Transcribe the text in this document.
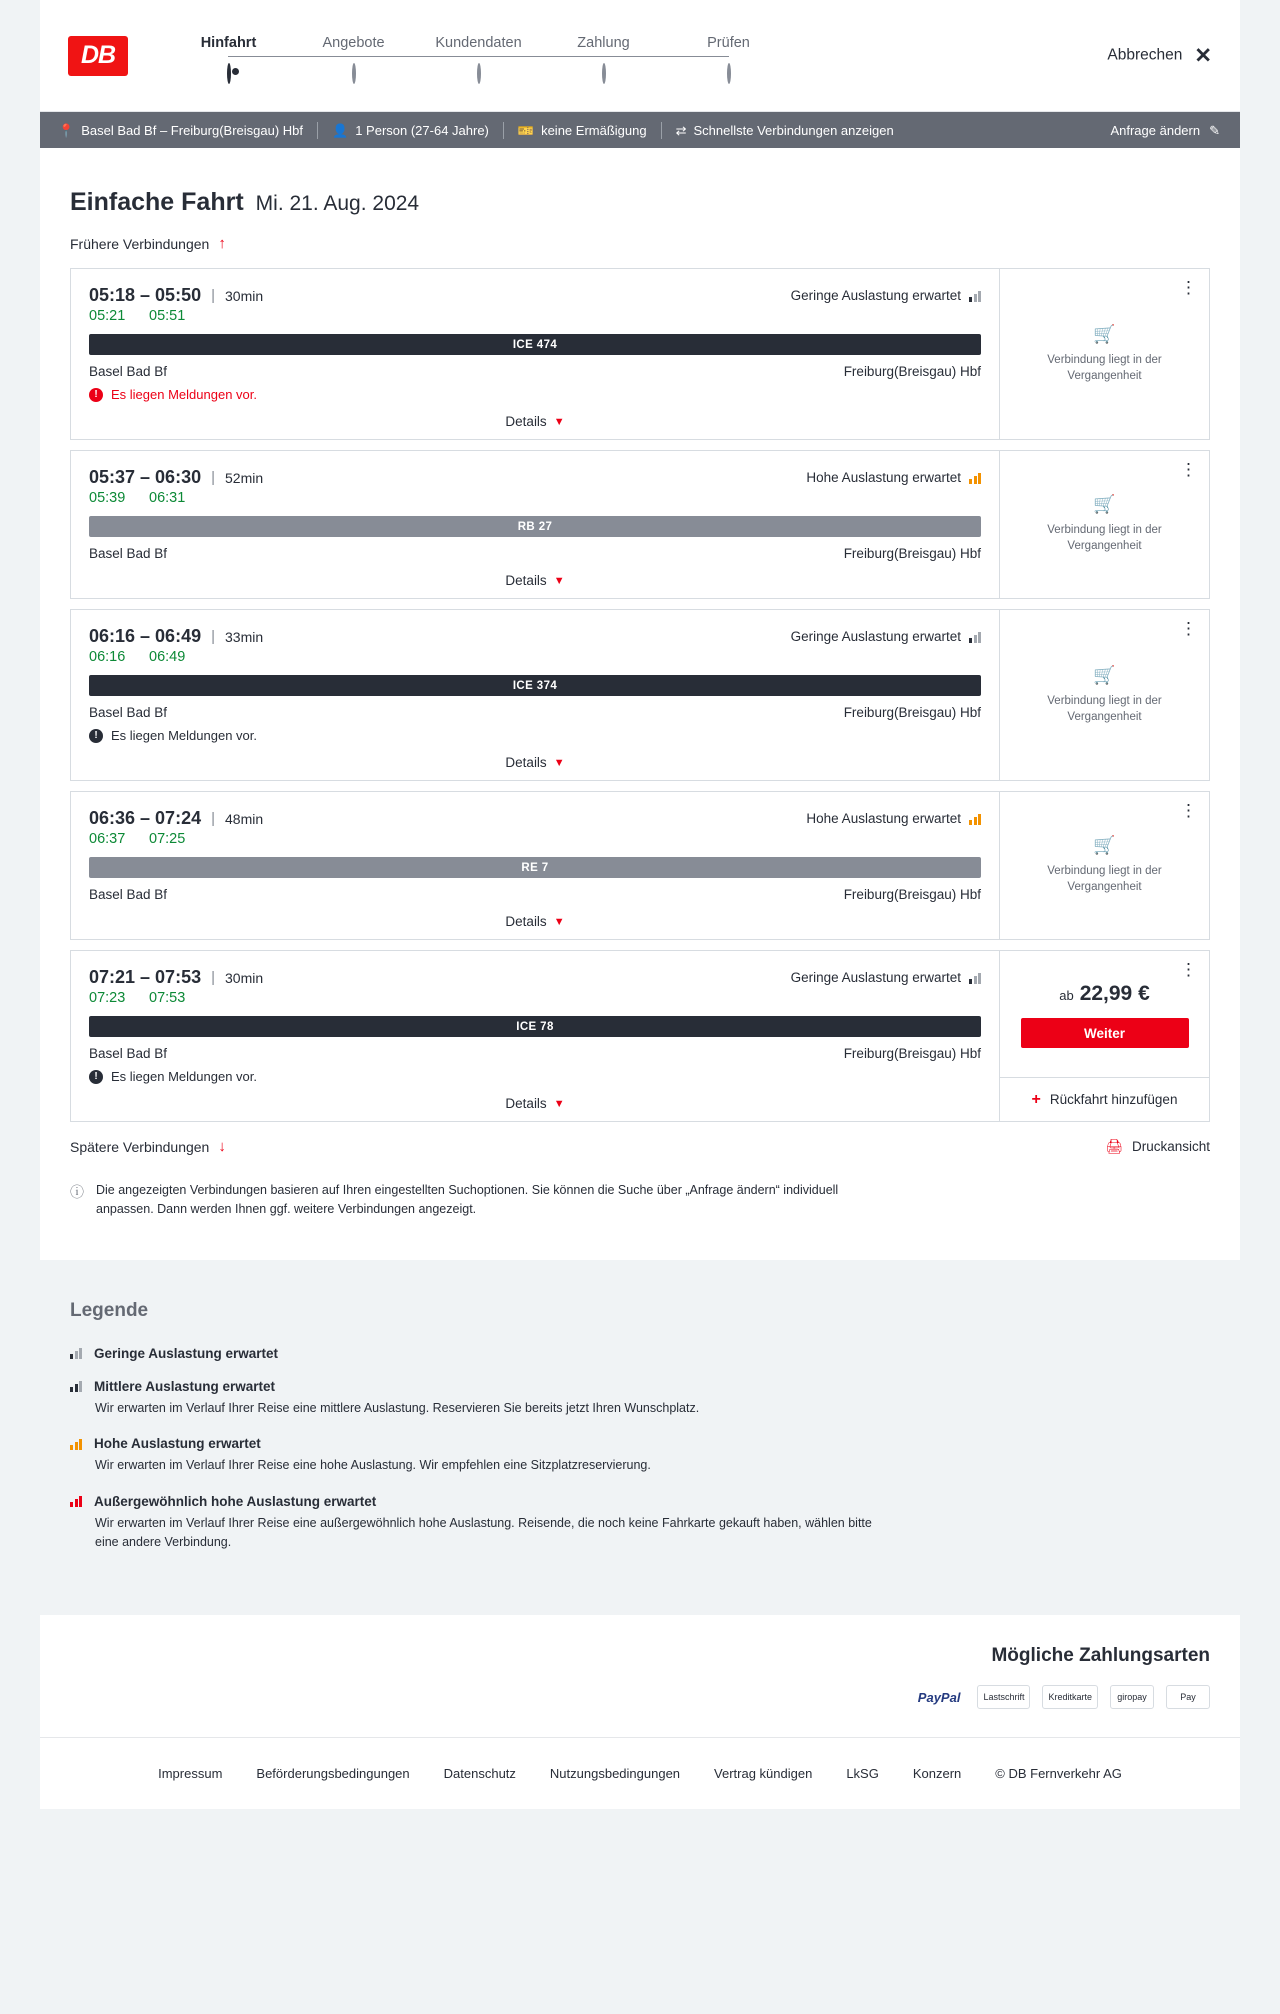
DB	Hinfahrt	Angebote	Kundendaten	Zahlung	Prüfen
Abbrechen ✕
📍 Basel Bad Bf – Freiburg(Breisgau) Hbf 👤 1 Person (27-64 Jahre) 🎫 keine Ermäßigung ⇄ Schnellste Verbindungen anzeigen	Anfrage ändern ✎
Einfache Fahrt Mi. 21. Aug. 2024
Frühere Verbindungen ↑
05:18 – 05:50 | 30min	Geringe Auslastung erwartet
05:21	05:51
ICE 474
Basel Bad Bf	Freiburg(Breisgau) Hbf
!	Es liegen Meldungen vor.
Details ▼
⋮
🛒
Verbindung liegt in der Vergangenheit
05:37 – 06:30 | 52min	Hohe Auslastung erwartet
05:39	06:31
RB 27
Basel Bad Bf	Freiburg(Breisgau) Hbf
Details ▼
⋮
🛒
Verbindung liegt in der Vergangenheit
06:16 – 06:49 | 33min	Geringe Auslastung erwartet
06:16	06:49
ICE 374
Basel Bad Bf	Freiburg(Breisgau) Hbf
!	Es liegen Meldungen vor.
Details ▼
⋮
🛒
Verbindung liegt in der Vergangenheit
06:36 – 07:24 | 48min	Hohe Auslastung erwartet
06:37	07:25
RE 7
Basel Bad Bf	Freiburg(Breisgau) Hbf
Details ▼
⋮
🛒
Verbindung liegt in der Vergangenheit
07:21 – 07:53 | 30min	Geringe Auslastung erwartet
07:23	07:53
ICE 78
Basel Bad Bf	Freiburg(Breisgau) Hbf
!	Es liegen Meldungen vor.
Details ▼
⋮
ab 22,99 €
Weiter
+ Rückfahrt hinzufügen
Spätere Verbindungen ↓	🖨 Druckansicht
ⓘ Die angezeigten Verbindungen basieren auf Ihren eingestellten Suchoptionen. Sie können die Suche über „Anfrage ändern“ individuell anpassen. Dann werden Ihnen ggf. weitere Verbindungen angezeigt.
Legende
Geringe Auslastung erwartet
Mittlere Auslastung erwartet
Wir erwarten im Verlauf Ihrer Reise eine mittlere Auslastung. Reservieren Sie bereits jetzt Ihren Wunschplatz.
Hohe Auslastung erwartet
Wir erwarten im Verlauf Ihrer Reise eine hohe Auslastung. Wir empfehlen eine Sitzplatzreservierung.
Außergewöhnlich hohe Auslastung erwartet
Wir erwarten im Verlauf Ihrer Reise eine außergewöhnlich hohe Auslastung. Reisende, die noch keine Fahrkarte gekauft haben, wählen bitte eine andere Verbindung.
Mögliche Zahlungsarten
PayPal	Lastschrift	Kreditkarte	giropay	Pay
Impressum	Beförderungsbedingungen	Datenschutz	Nutzungsbedingungen	Vertrag kündigen	LkSG	Konzern	© DB Fernverkehr AG
